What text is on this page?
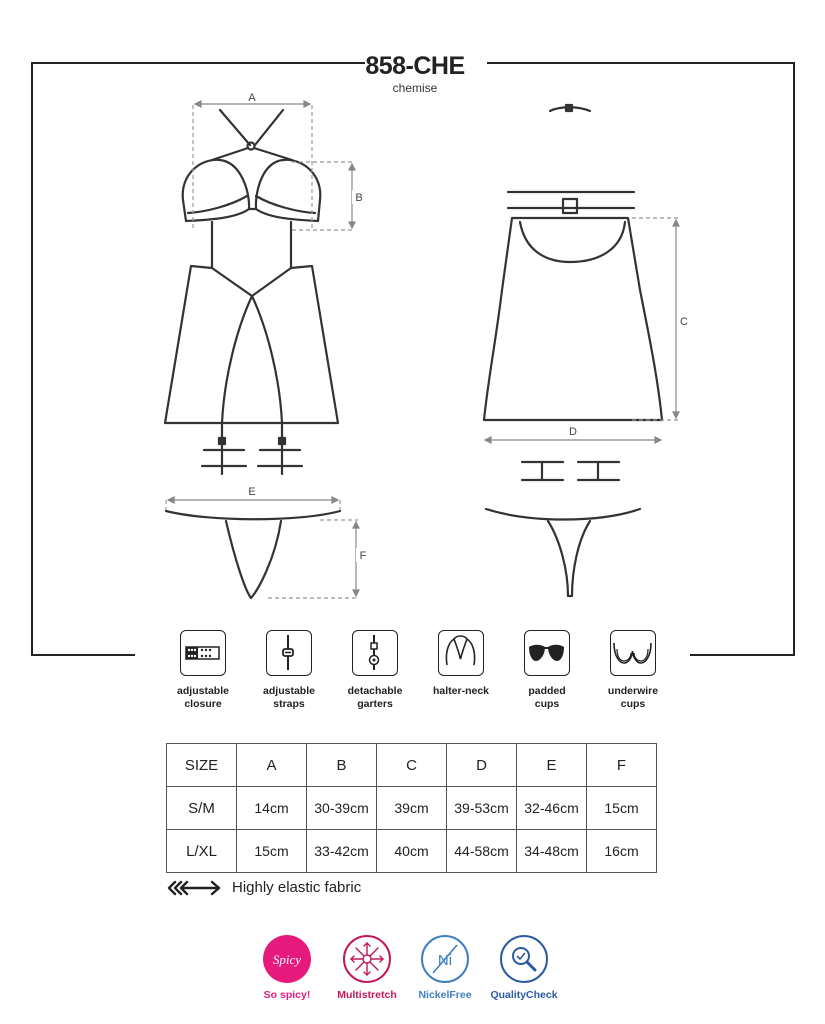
858-CHE
chemise
A
B
C
D
E
F
adjustable
closure
adjustable
straps
detachable
garters
halter-neck	padded
cups
underwire
cups
SIZE	A	B	C	D	E	F
S/M	14cm	30-39cm	39cm	39-53cm	32-46cm	15cm
L/XL	15cm	33-42cm	40cm	44-58cm	34-48cm	16cm
Highly elastic fabric
Spicy
So spicy!	Multistretch
Ni
NickelFree	QualityCheck
